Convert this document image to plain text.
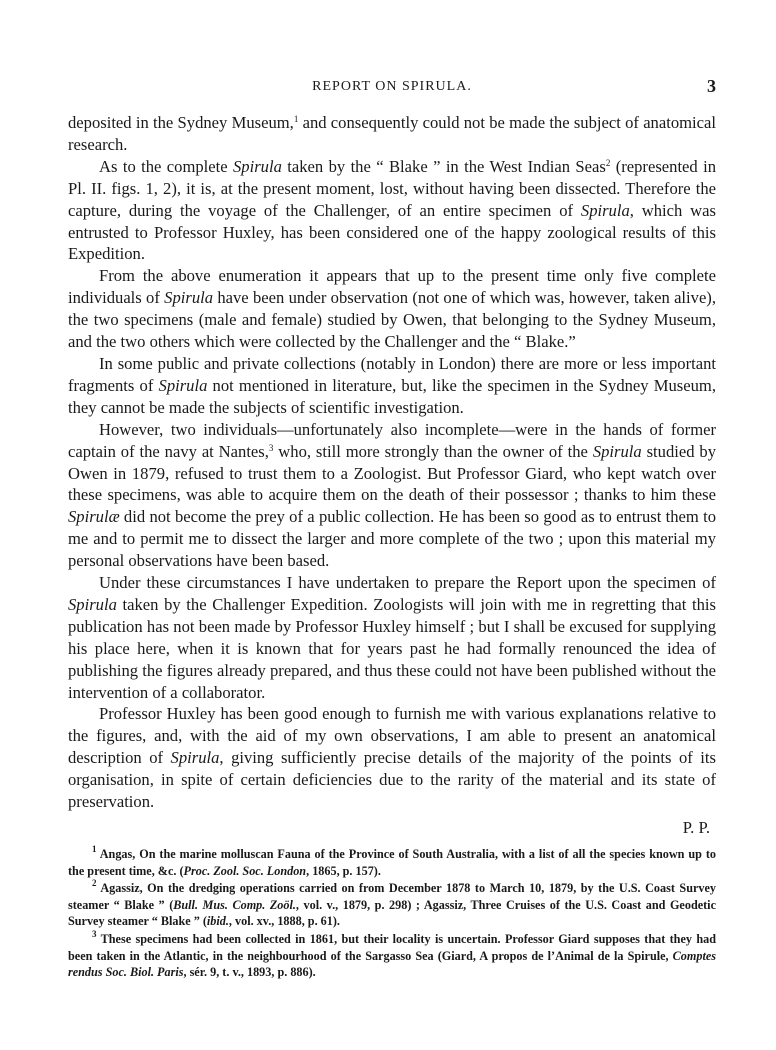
REPORT ON SPIRULA.	3

deposited in the Sydney Museum,$^1$ and consequently could not be made the subject of anatomical research.

As to the complete Spirula taken by the “ Blake ” in the West Indian Seas$^2$ (represented in Pl. II. figs. 1, 2), it is, at the present moment, lost, without having been dissected. Therefore the capture, during the voyage of the Challenger, of an entire specimen of Spirula, which was entrusted to Professor Huxley, has been considered one of the happy zoological results of this Expedition.

From the above enumeration it appears that up to the present time only five complete individuals of Spirula have been under observation (not one of which was, however, taken alive), the two specimens (male and female) studied by Owen, that belonging to the Sydney Museum, and the two others which were collected by the Challenger and the “ Blake.”

In some public and private collections (notably in London) there are more or less important fragments of Spirula not mentioned in literature, but, like the specimen in the Sydney Museum, they cannot be made the subjects of scientific investigation.

However, two individuals—unfortunately also incomplete—were in the hands of former captain of the navy at Nantes,$^3$ who, still more strongly than the owner of the Spirula studied by Owen in 1879, refused to trust them to a Zoologist. But Professor Giard, who kept watch over these specimens, was able to acquire them on the death of their possessor ; thanks to him these Spirulæ did not become the prey of a public collection. He has been so good as to entrust them to me and to permit me to dissect the larger and more complete of the two ; upon this material my personal observations have been based.

Under these circumstances I have undertaken to prepare the Report upon the specimen of Spirula taken by the Challenger Expedition. Zoologists will join with me in regretting that this publication has not been made by Professor Huxley himself ; but I shall be excused for supplying his place here, when it is known that for years past he had formally renounced the idea of publishing the figures already prepared, and thus these could not have been published without the intervention of a collaborator.

Professor Huxley has been good enough to furnish me with various explanations relative to the figures, and, with the aid of my own observations, I am able to present an anatomical description of Spirula, giving sufficiently precise details of the majority of the points of its organisation, in spite of certain deficiencies due to the rarity of the material and its state of preservation.

P. P.

$^1$ Angas, On the marine molluscan Fauna of the Province of South Australia, with a list of all the species known up to the present time, &c. (Proc. Zool. Soc. London, 1865, p. 157).

$^2$ Agassiz, On the dredging operations carried on from December 1878 to March 10, 1879, by the U.S. Coast Survey steamer “ Blake ” (Bull. Mus. Comp. Zoöl., vol. v., 1879, p. 298) ; Agassiz, Three Cruises of the U.S. Coast and Geodetic Survey steamer “ Blake ” (ibid., vol. xv., 1888, p. 61).

$^3$ These specimens had been collected in 1861, but their locality is uncertain. Professor Giard supposes that they had been taken in the Atlantic, in the neighbourhood of the Sargasso Sea (Giard, A propos de l’Animal de la Spirule, Comptes rendus Soc. Biol. Paris, sér. 9, t. v., 1893, p. 886).
